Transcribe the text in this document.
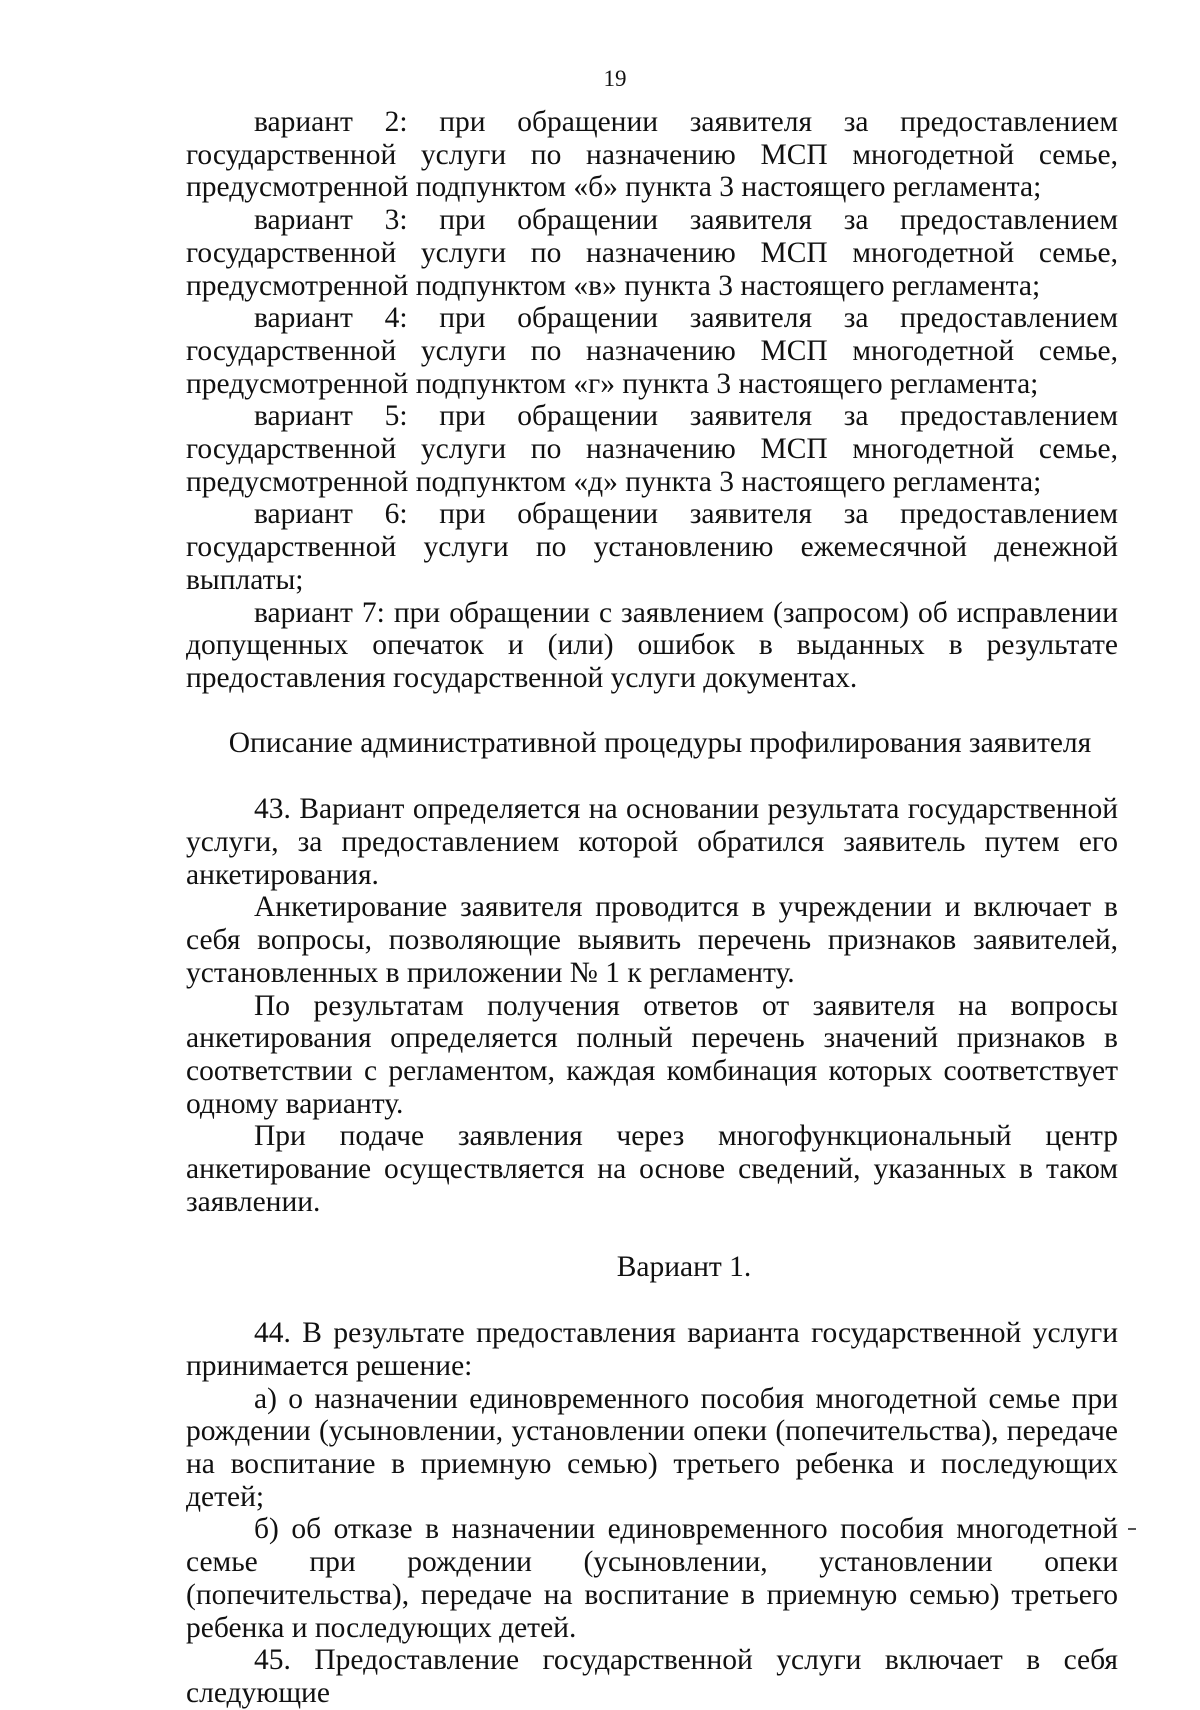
19

вариант 2: при обращении заявителя за предоставлением государственной услуги по назначению МСП многодетной семье, предусмотренной подпунктом «б» пункта 3 настоящего регламента;

вариант 3: при обращении заявителя за предоставлением государственной услуги по назначению МСП многодетной семье, предусмотренной подпунктом «в» пункта 3 настоящего регламента;

вариант 4: при обращении заявителя за предоставлением государственной услуги по назначению МСП многодетной семье, предусмотренной подпунктом «г» пункта 3 настоящего регламента;

вариант 5: при обращении заявителя за предоставлением государственной услуги по назначению МСП многодетной семье, предусмотренной подпунктом «д» пункта 3 настоящего регламента;

вариант 6: при обращении заявителя за предоставлением государственной услуги по установлению ежемесячной денежной выплаты;

вариант 7: при обращении с заявлением (запросом) об исправлении допущенных опечаток и (или) ошибок в выданных в результате предоставления государственной услуги документах.

Описание административной процедуры профилирования заявителя

43. Вариант определяется на основании результата государственной услуги, за предоставлением которой обратился заявитель путем его анкетирования.

Анкетирование заявителя проводится в учреждении и включает в себя вопросы, позволяющие выявить перечень признаков заявителей, установленных в приложении № 1 к регламенту.

По результатам получения ответов от заявителя на вопросы анкетирования определяется полный перечень значений признаков в соответствии с регламентом, каждая комбинация которых соответствует одному варианту.

При подаче заявления через многофункциональный центр анкетирование осуществляется на основе сведений, указанных в таком заявлении.

Вариант 1.

44. В результате предоставления варианта государственной услуги принимается решение:

а) о назначении единовременного пособия многодетной семье при рождении (усыновлении, установлении опеки (попечительства), передаче на воспитание в приемную семью) третьего ребенка и последующих детей;

б) об отказе в назначении единовременного пособия многодетной семье при рождении (усыновлении, установлении опеки (попечительства), передаче на воспитание в приемную семью) третьего ребенка и последующих детей.

45. Предоставление государственной услуги включает в себя следующие
